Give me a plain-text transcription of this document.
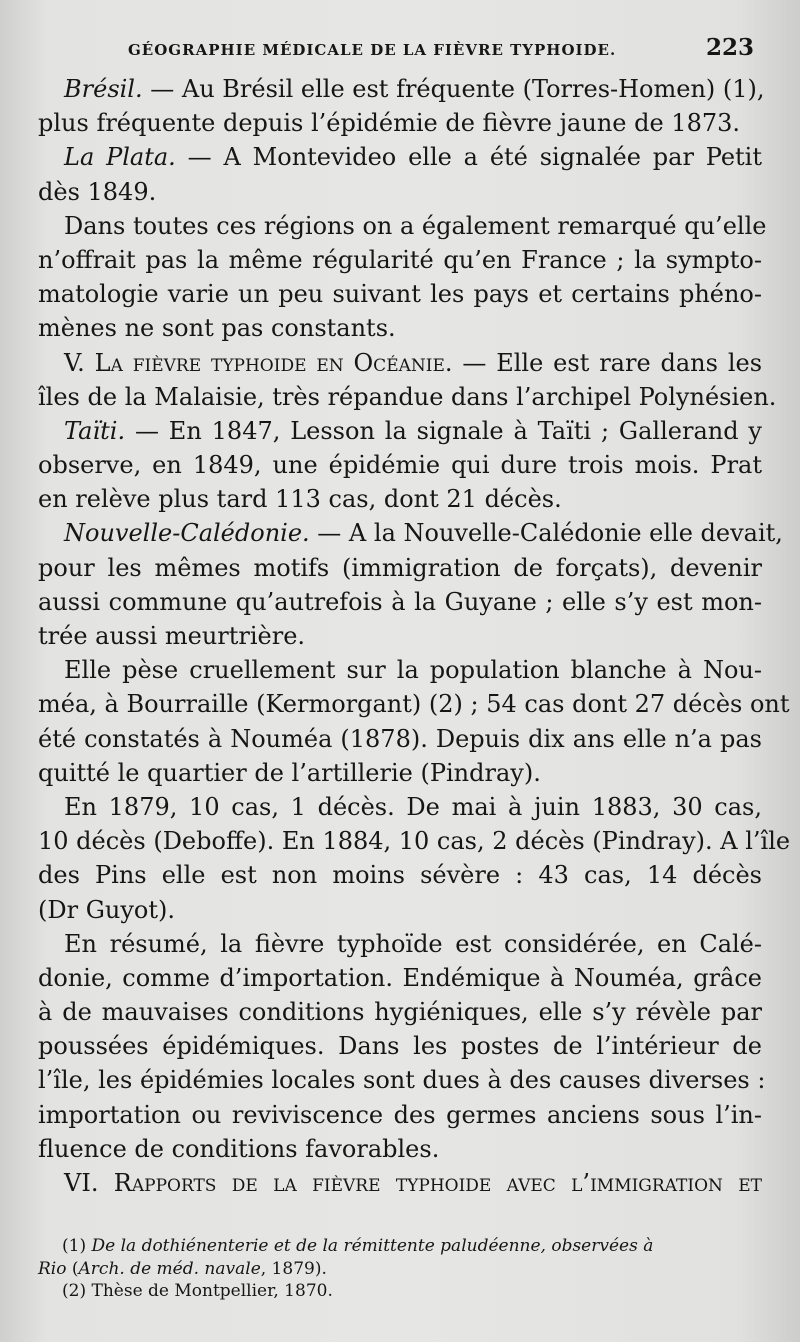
GÉOGRAPHIE MÉDICALE DE LA FIÈVRE TYPHOIDE.	223
Brésil. — Au Brésil elle est fréquente (Torres-Homen) (1),
plus fréquente depuis l’épidémie de fièvre jaune de 1873.
La Plata. — A Montevideo elle a été signalée par Petit
dès 1849.
Dans toutes ces régions on a également remarqué qu’elle
n’offrait pas la même régularité qu’en France ; la sympto-
matologie varie un peu suivant les pays et certains phéno-
mènes ne sont pas constants.
V. La fièvre typhoide en Océanie. — Elle est rare dans les
îles de la Malaisie, très répandue dans l’archipel Polynésien.
Taïti. — En 1847, Lesson la signale à Taïti ; Gallerand y
observe, en 1849, une épidémie qui dure trois mois. Prat
en relève plus tard 113 cas, dont 21 décès.
Nouvelle-Calédonie. — A la Nouvelle-Calédonie elle devait,
pour les mêmes motifs (immigration de forçats), devenir
aussi commune qu’autrefois à la Guyane ; elle s’y est mon-
trée aussi meurtrière.
Elle pèse cruellement sur la population blanche à Nou-
méa, à Bourraille (Kermorgant) (2) ; 54 cas dont 27 décès ont
été constatés à Nouméa (1878). Depuis dix ans elle n’a pas
quitté le quartier de l’artillerie (Pindray).
En 1879, 10 cas, 1 décès. De mai à juin 1883, 30 cas,
10 décès (Deboffe). En 1884, 10 cas, 2 décès (Pindray). A l’île
des Pins elle est non moins sévère : 43 cas, 14 décès
(Dr Guyot).
En résumé, la fièvre typhoïde est considérée, en Calé-
donie, comme d’importation. Endémique à Nouméa, grâce
à de mauvaises conditions hygiéniques, elle s’y révèle par
poussées épidémiques. Dans les postes de l’intérieur de
l’île, les épidémies locales sont dues à des causes diverses :
importation ou reviviscence des germes anciens sous l’in-
fluence de conditions favorables.
VI. Rapports de la fièvre typhoide avec l’immigration et
(1) De la dothiénenterie et de la rémittente paludéenne, observées à
Rio (Arch. de méd. navale, 1879).
(2) Thèse de Montpellier, 1870.
